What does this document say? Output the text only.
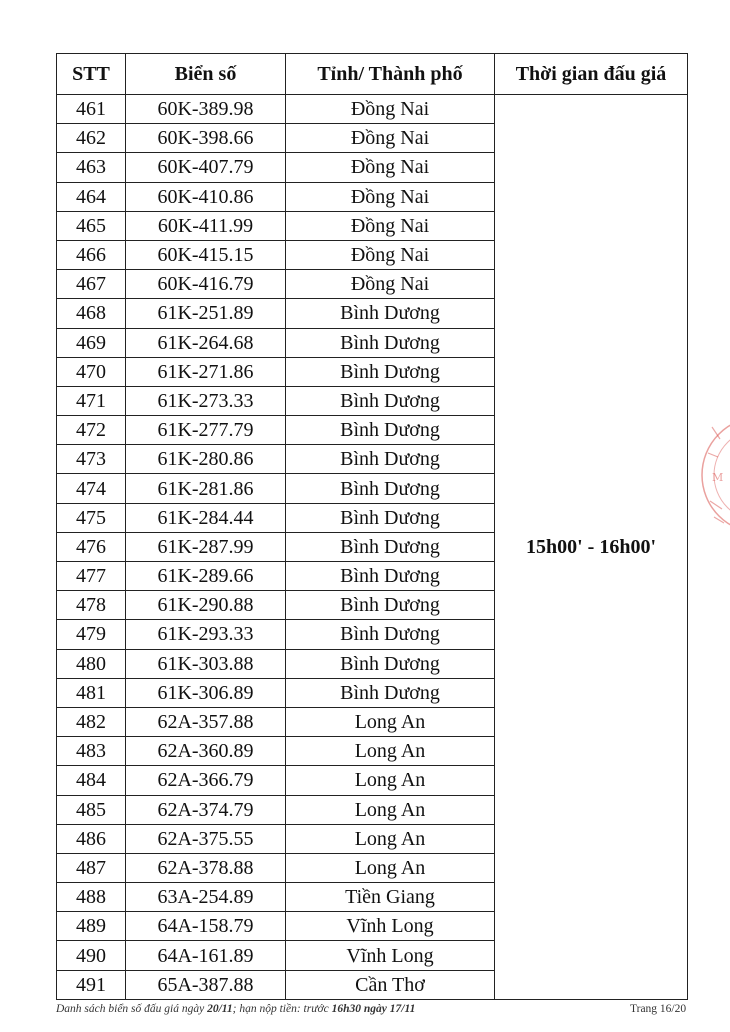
STT	Biển số	Tỉnh/ Thành phố	Thời gian đấu giá
461	60K-389.98	Đồng Nai	15h00' - 16h00'
462	60K-398.66	Đồng Nai	
463	60K-407.79	Đồng Nai	
464	60K-410.86	Đồng Nai	
465	60K-411.99	Đồng Nai	
466	60K-415.15	Đồng Nai	
467	60K-416.79	Đồng Nai	
468	61K-251.89	Bình Dương	
469	61K-264.68	Bình Dương	
470	61K-271.86	Bình Dương	
471	61K-273.33	Bình Dương	
472	61K-277.79	Bình Dương	
473	61K-280.86	Bình Dương	
474	61K-281.86	Bình Dương	
475	61K-284.44	Bình Dương	
476	61K-287.99	Bình Dương	
477	61K-289.66	Bình Dương	
478	61K-290.88	Bình Dương	
479	61K-293.33	Bình Dương	
480	61K-303.88	Bình Dương	
481	61K-306.89	Bình Dương	
482	62A-357.88	Long An	
483	62A-360.89	Long An	
484	62A-366.79	Long An	
485	62A-374.79	Long An	
486	62A-375.55	Long An	
487	62A-378.88	Long An	
488	63A-254.89	Tiền Giang	
489	64A-158.79	Vĩnh Long	
490	64A-161.89	Vĩnh Long	
491	65A-387.88	Cần Thơ	
Danh sách biển số đấu giá ngày 20/11; hạn nộp tiền: trước 16h30 ngày 17/11	Trang 16/20
M
